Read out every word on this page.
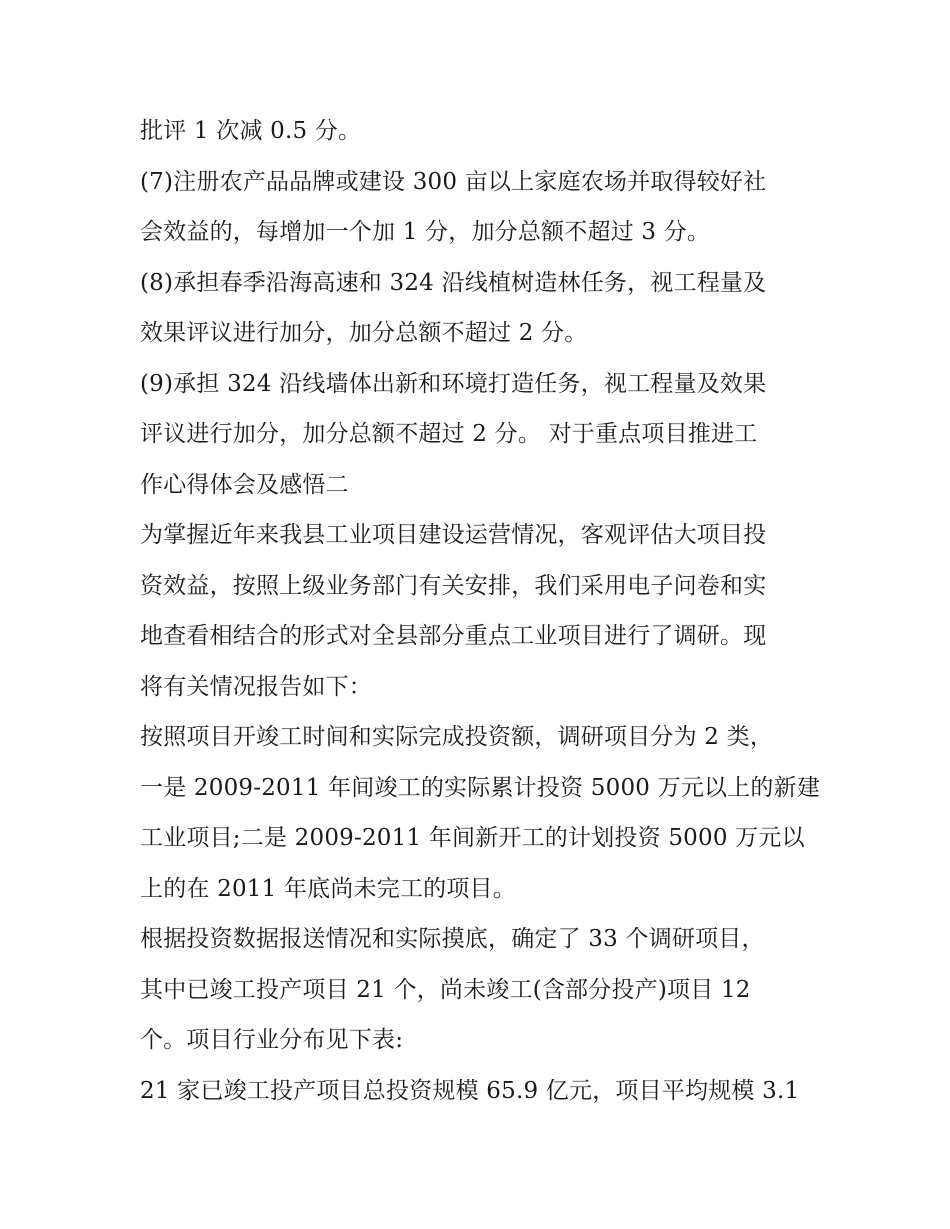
批评 1 次减 0.5 分。
(7)注册农产品品牌或建设 300 亩以上家庭农场并取得较好社
会效益的，每增加一个加 1 分，加分总额不超过 3 分。
(8)承担春季沿海高速和 324 沿线植树造林任务，视工程量及
效果评议进行加分，加分总额不超过 2 分。
(9)承担 324 沿线墙体出新和环境打造任务，视工程量及效果
评议进行加分，加分总额不超过 2 分。 对于重点项目推进工
作心得体会及感悟二
为掌握近年来我县工业项目建设运营情况，客观评估大项目投
资效益，按照上级业务部门有关安排，我们采用电子问卷和实
地查看相结合的形式对全县部分重点工业项目进行了调研。现
将有关情况报告如下：
按照项目开竣工时间和实际完成投资额，调研项目分为 2 类，
一是 2009-2011 年间竣工的实际累计投资 5000 万元以上的新建
工业项目;二是 2009-2011 年间新开工的计划投资 5000 万元以
上的在 2011 年底尚未完工的项目。
根据投资数据报送情况和实际摸底，确定了 33 个调研项目，
其中已竣工投产项目 21 个，尚未竣工(含部分投产)项目 12
个。项目行业分布见下表:
21 家已竣工投产项目总投资规模 65.9 亿元，项目平均规模 3.1
